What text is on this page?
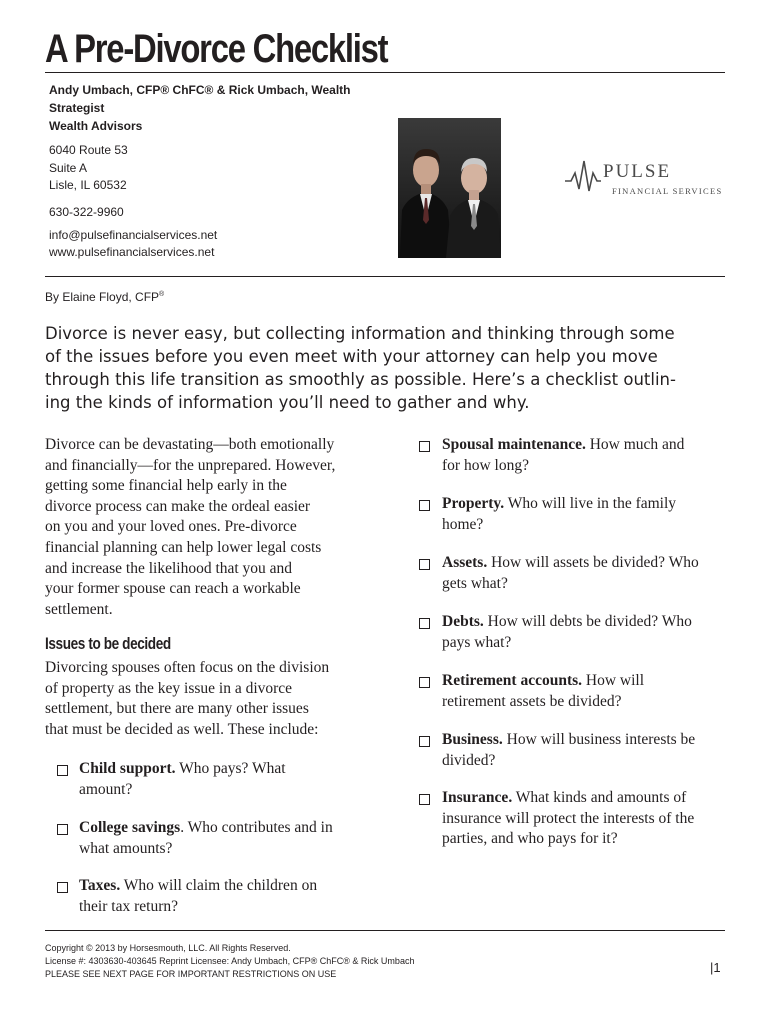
A Pre-Divorce Checklist
Andy Umbach, CFP® ChFC® & Rick Umbach, Wealth
Strategist
Wealth Advisors
6040 Route 53
Suite A
Lisle, IL 60532
630-322-9960
info@pulsefinancialservices.net
www.pulsefinancialservices.net
PULSE
FINANCIAL SERVICES
By Elaine Floyd, CFP®
Divorce is never easy, but collecting information and thinking through some
of the issues before you even meet with your attorney can help you move
through this life transition as smoothly as possible. Here’s a checklist outlin-
ing the kinds of information you’ll need to gather and why.
Divorce can be devastating—both emotionally
and financially—for the unprepared. However,
getting some financial help early in the
divorce process can make the ordeal easier
on you and your loved ones. Pre-divorce
financial planning can help lower legal costs
and increase the likelihood that you and
your former spouse can reach a workable
settlement.
Issues to be decided
Divorcing spouses often focus on the division
of property as the key issue in a divorce
settlement, but there are many other issues
that must be decided as well. These include:
Child support. Who pays? What
amount?
College savings. Who contributes and in
what amounts?
Taxes. Who will claim the children on
their tax return?
Spousal maintenance. How much and
for how long?
Property. Who will live in the family
home?
Assets. How will assets be divided? Who
gets what?
Debts. How will debts be divided? Who
pays what?
Retirement accounts. How will
retirement assets be divided?
Business. How will business interests be
divided?
Insurance. What kinds and amounts of
insurance will protect the interests of the
parties, and who pays for it?
Copyright © 2013 by Horsesmouth, LLC. All Rights Reserved.
License #: 4303630-403645 Reprint Licensee: Andy Umbach, CFP® ChFC® & Rick Umbach
PLEASE SEE NEXT PAGE FOR IMPORTANT RESTRICTIONS ON USE	|1
